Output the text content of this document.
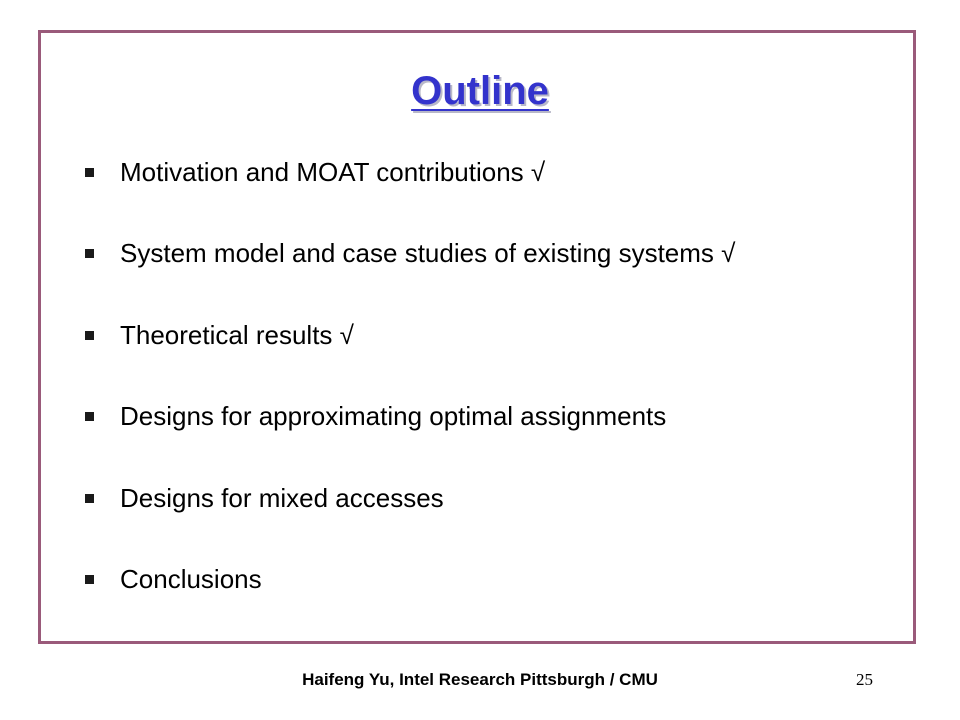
Outline
Motivation and MOAT contributions √
System model and case studies of existing systems √
Theoretical results √
Designs for approximating optimal assignments
Designs for mixed accesses
Conclusions
Haifeng Yu, Intel Research Pittsburgh / CMU	25
